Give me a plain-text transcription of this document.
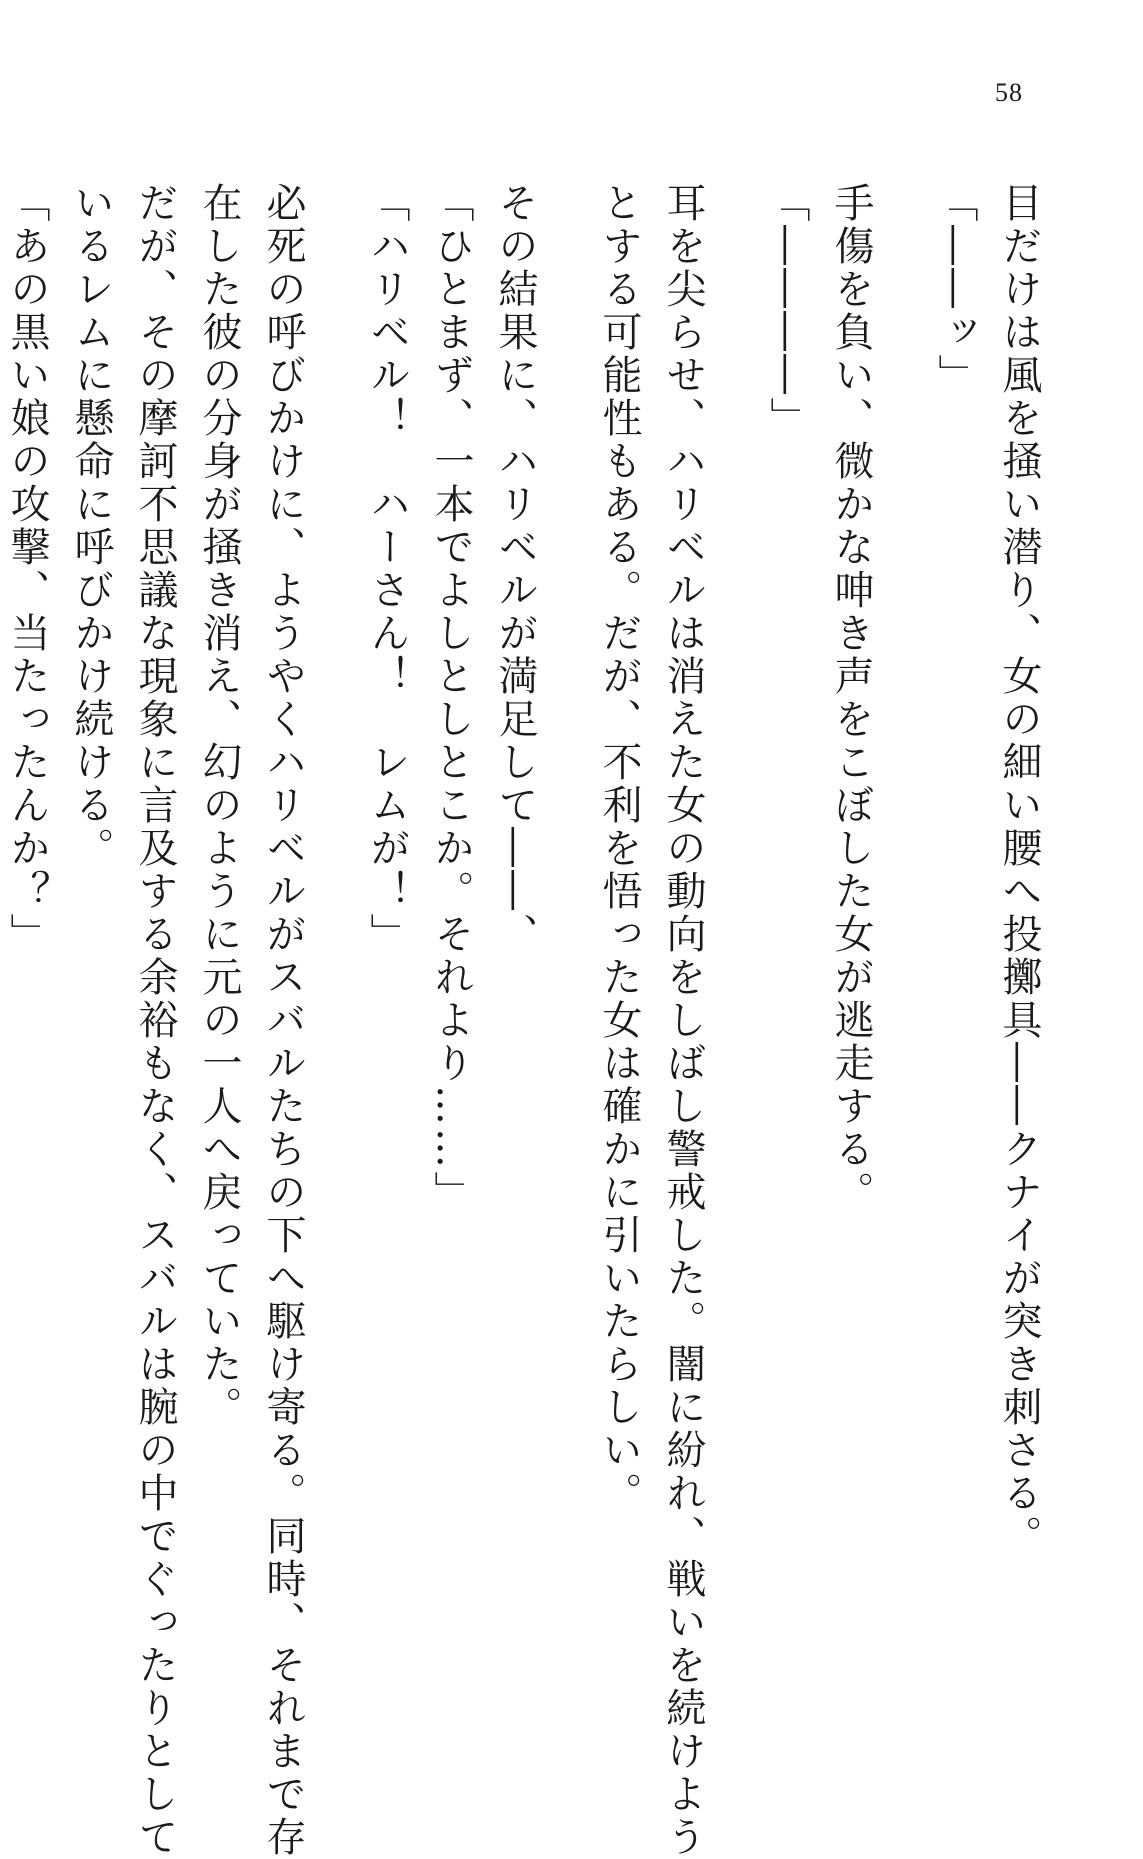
58

目だけは風を掻い潜り、女の細い腰へ投擲具――クナイが突き刺さる。

「――ッ」

手傷を負い、微かな呻き声をこぼした女が逃走する。

「――――」

耳を尖らせ、ハリベルは消えた女の動向をしばし警戒した。闇に紛れ、戦いを続けよう

とする可能性もある。だが、不利を悟った女は確かに引いたらしい。

その結果に、ハリベルが満足して――、

「ひとまず、一本でよしとしとこか。それより……」

「ハリベル！　ハーさん！　レムが！」

必死の呼びかけに、ようやくハリベルがスバルたちの下へ駆け寄る。同時、それまで存

在した彼の分身が掻き消え、幻のように元の一人へ戻っていた。

だが、その摩訶不思議な現象に言及する余裕もなく、スバルは腕の中でぐったりとして

いるレムに懸命に呼びかけ続ける。

「あの黒い娘の攻撃、当たったんか？」
